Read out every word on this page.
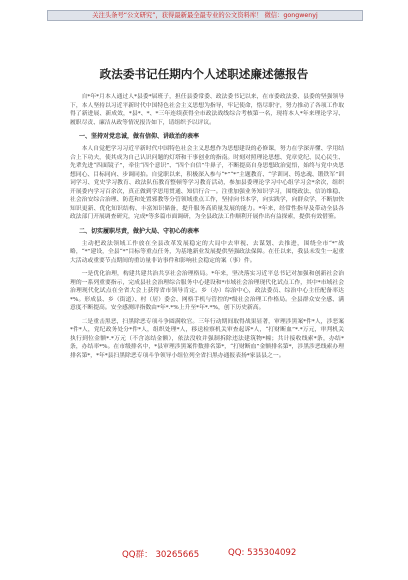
关注头条号“公文研究”，获得最新最全最专业的公文资料库！ 微信：gongwenyj
政法委书记任期内个人述职述廉述德报告

自*年*月本人通过人*县委*届班子，担任县委常委、政法委书记以来，在市委政法委、县委的坚强领导下，本人坚持以习近平新时代中国特色社会主义思想为指导，牢记使命，恪尽职守，努力推动了各项工作取得了新进展、新成效，*县*、*、*三年连续获得全市政法战线综合考核第一名，现将本人*年来理论学习、履职尽责、廉洁从政等情况报告如下，请组织予以评议。

一、坚持对党忠诚，做有信仰、讲政治的表率

本人自觉把学习习近平新时代中国特色社会主义思想作为思想建设的必修课，努力在学深弄懂、学用结合上下功夫，使其成为自己认识问题的灯塔和干事创业的指南。时刻对照理论思想、党章党纪、民心民生、先辈先进“四面镜子”，牵住“四个意识”、“四个自信”牛鼻子，不断提高自身思想政治觉悟，始终与党中央思想同心、目标同向、步调同拍。自觉职以来，积极深入参与“*”“*”主题教育、“学训词、铸忠魂、锻铁军”训词学习、党史学习教育、政法队伍教育整顿等学习教育活动，参加县委理论学习中心组学习会*余次，组织开展委内学习百余次，真正做到学思用贯通、知信行合一。注重加强业务知识学习，围绕政法、信访维稳、社会治安综合治理、防范和处置邪教等分管领域重点工作，坚持向书本学，向实践学，向群众学，不断加快知识更新、优化知识结构、丰富知识储备，提升服务高质量发展的能力。*年来，经常性指导及带动全县各政法部门开展调查研究，完成*等多篇市面调研，为全县政法工作顺利开展作出有益探索，提供有效借鉴。

二、切实履职尽责，做护大局、守初心的表率

主动把政法领域工作放在全县改革发展稳定的大局中去审视、去谋划、去推进，围绕全市“*”战略，“*”建设，全县“*”目标等重点任务，为基地新业发展提供坚强政法保障。在任以来，我县未发生一起重大活动或重要节点期间的重访量非访事件和影响社会稳定的案（事）件。

一是优化治理，构建共建共治共享社会治理格局。*年来，坚决落实习近平总书记对加强和创新社会治理的一系列重要指示，完成县社会治理综合服务中心建设和*市域社会治理现代化试点工作，其中*市域社会治理现代化试点在全省大会上获得省市领导肯定。乡（办）综治中心，政法委员、综治中心主任配备率达*%。形成县、乡（街道）、村（居）委会、网格手机与管控的*级社会治理工作格局。全县群众安全感、满意度不断提高。安全感测评指数由*年*.*%上升至*年*.*%，创下历史新高。

二是重击黑恶，扫黑除恶专项斗争圆满收官。三年行动期间取得战果显著，审理涉黑案*件*人，涉恶案*件*人，党纪政务处分*件*人，组织处理*人，移送检察机关审查起诉*人，“打财断血”*.*万元，审判机关执行到位金额*.*万元（不含冻结金额），依法没收并强制拆除违法建筑物*幢；共计接收线索*条，办结*条，办结率*%。在市级排名中，*县审理涉黑案件数排名第*，“打财断血”金额排名第*，涉黑涉恶线索办理排名第*，*年*县扫黑除恶专项斗争领导小组位列全省扫黑办通报表扬*家县县之一。

QQ群： 30265665	QQ: 535304092
